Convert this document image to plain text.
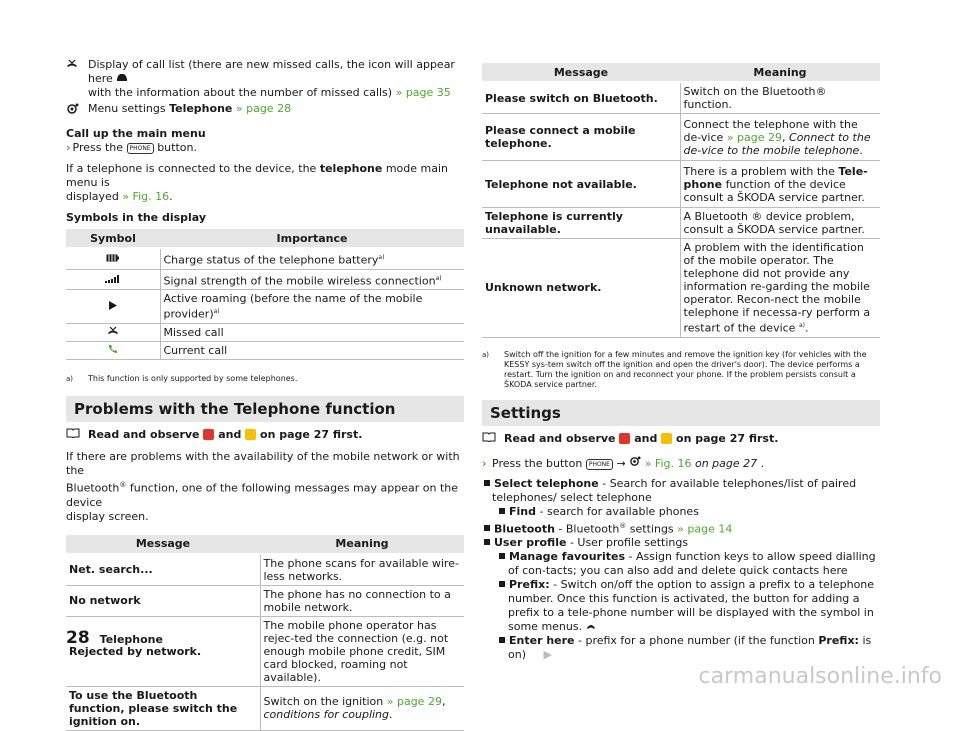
Display of call list (there are new missed calls, the icon will appear here
with the information about the number of missed calls) » page 35
Menu settings Telephone » page 28

Call up the main menu

› Press the PHONE button.

If a telephone is connected to the device, the telephone mode main menu is
displayed » Fig. 16.

Symbols in the display

Symbol	Importance
	Charge status of the telephone battery$^{a)}$
	Signal strength of the mobile wireless connection$^{a)}$
	Active roaming (before the name of the mobile provider)$^{a)}$
	Missed call
	Current call
a)	This function is only supported by some telephones.
Problems with the Telephone function
Read and observe

and

on page 27 first.

If there are problems with the availability of the mobile network or with the
Bluetooth® function, one of the following messages may appear on the device
display screen.

Message	Meaning
Net. search...	The phone scans for available wire-less networks.
No network	The phone has no connection to a mobile network.
Rejected by network.	The mobile phone operator has rejec-ted the connection (e.g. not enough mobile phone credit, SIM card blocked, roaming not available).
To use the Bluetooth function, please switch the ignition on.	Switch on the ignition » page 29, conditions for coupling.
Message	Meaning
Please switch on Bluetooth.	Switch on the Bluetooth® function.
Please connect a mobile telephone.	Connect the telephone with the de-vice » page 29, Connect to the de-vice to the mobile telephone.
Telephone not available.	There is a problem with the Tele-phone function of the device consult a ŠKODA service partner.
Telephone is currently unavailable.	A Bluetooth ® device problem, consult a ŠKODA service partner.
Unknown network.	A problem with the identification of the mobile operator. The telephone did not provide any information re-garding the mobile operator. Recon-nect the mobile telephone if necessa-ry perform a restart of the device $^{a)}$.
a)	Switch off the ignition for a few minutes and remove the ignition key (for vehicles with the KESSY sys-tem switch off the ignition and open the driver's door). The device performs a restart. Turn the ignition on and reconnect your phone. If the problem persists consult a ŠKODA service partner.
Settings
Read and observe

and

on page 27 first.

› Press the button PHONE → » Fig. 16 on page 27 .

Select telephone - Search for available telephones/list of paired telephones/ select telephone
Find - search for available phones
Bluetooth - Bluetooth® settings » page 14
User profile - User profile settings
Manage favourites - Assign function keys to allow speed dialling of con-tacts; you can also add and delete quick contacts here
Prefix: - Switch on/off the option to assign a prefix to a telephone number. Once this function is activated, the button for adding a prefix to a tele-phone number will be displayed with the symbol in some menus.
Enter here - prefix for a phone number (if the function Prefix: is on) ▶
28 Telephone
carmanualsonline.info
